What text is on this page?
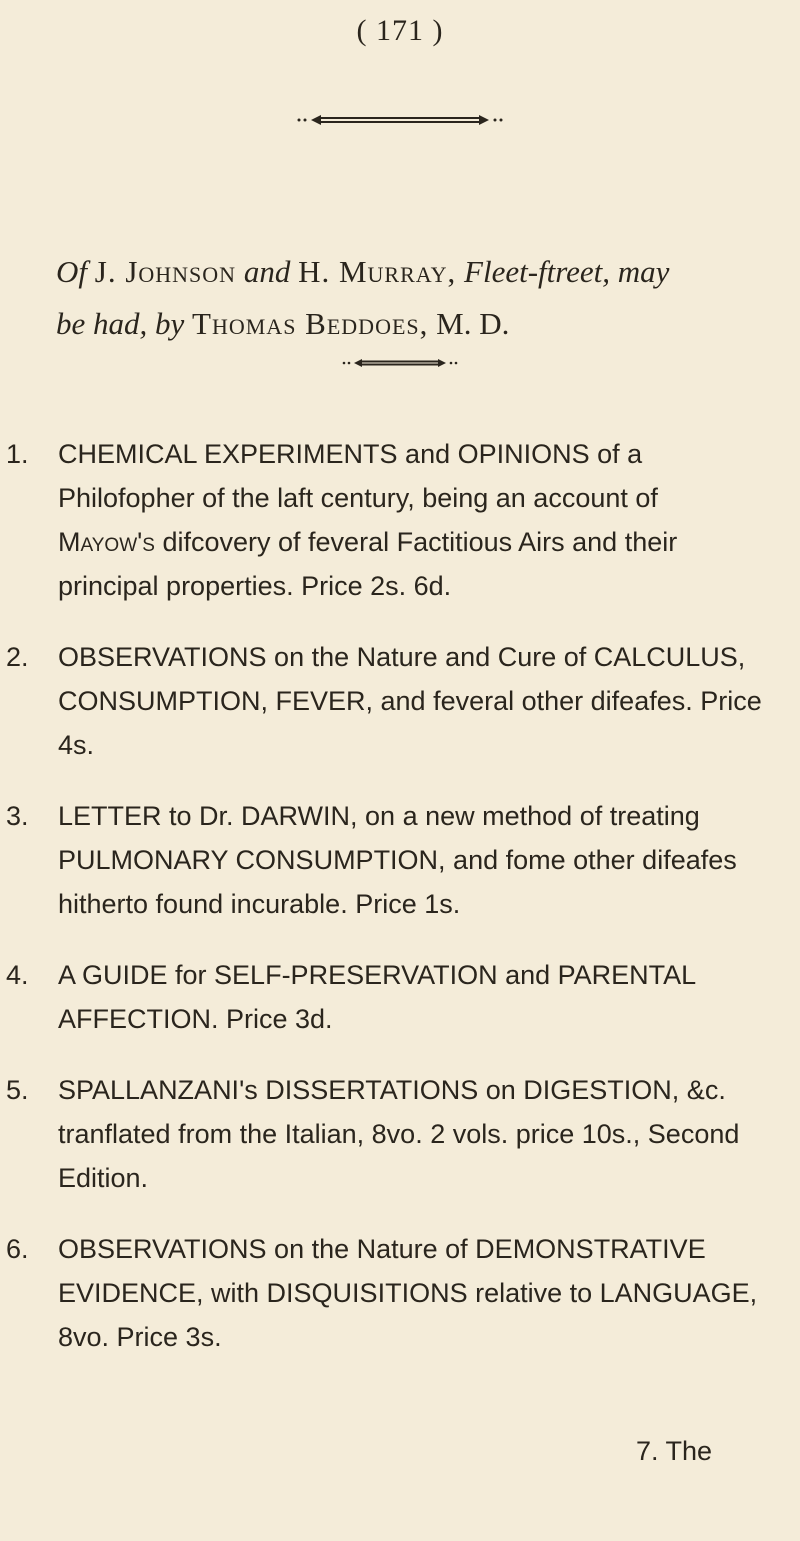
( 171 )
Of J. Johnson and H. Murray, Fleet-ftreet, may
be had, by Thomas Beddoes, M. D.
1. CHEMICAL EXPERIMENTS and OPINIONS of a Philofopher of the laft century, being an account of Mayow's difcovery of feveral Factitious Airs and their principal properties. Price 2s. 6d.
2. OBSERVATIONS on the Nature and Cure of CALCULUS, CONSUMPTION, FEVER, and feveral other difeafes. Price 4s.
3. LETTER to Dr. DARWIN, on a new method of treating PULMONARY CONSUMPTION, and fome other difeafes hitherto found incurable. Price 1s.
4. A GUIDE for SELF-PRESERVATION and PARENTAL AFFECTION. Price 3d.
5. SPALLANZANI's DISSERTATIONS on DIGESTION, &c. tranflated from the Italian, 8vo. 2 vols. price 10s., Second Edition.
6. OBSERVATIONS on the Nature of DEMONSTRATIVE EVIDENCE, with DISQUISITIONS relative to LANGUAGE, 8vo. Price 3s.
7. The
